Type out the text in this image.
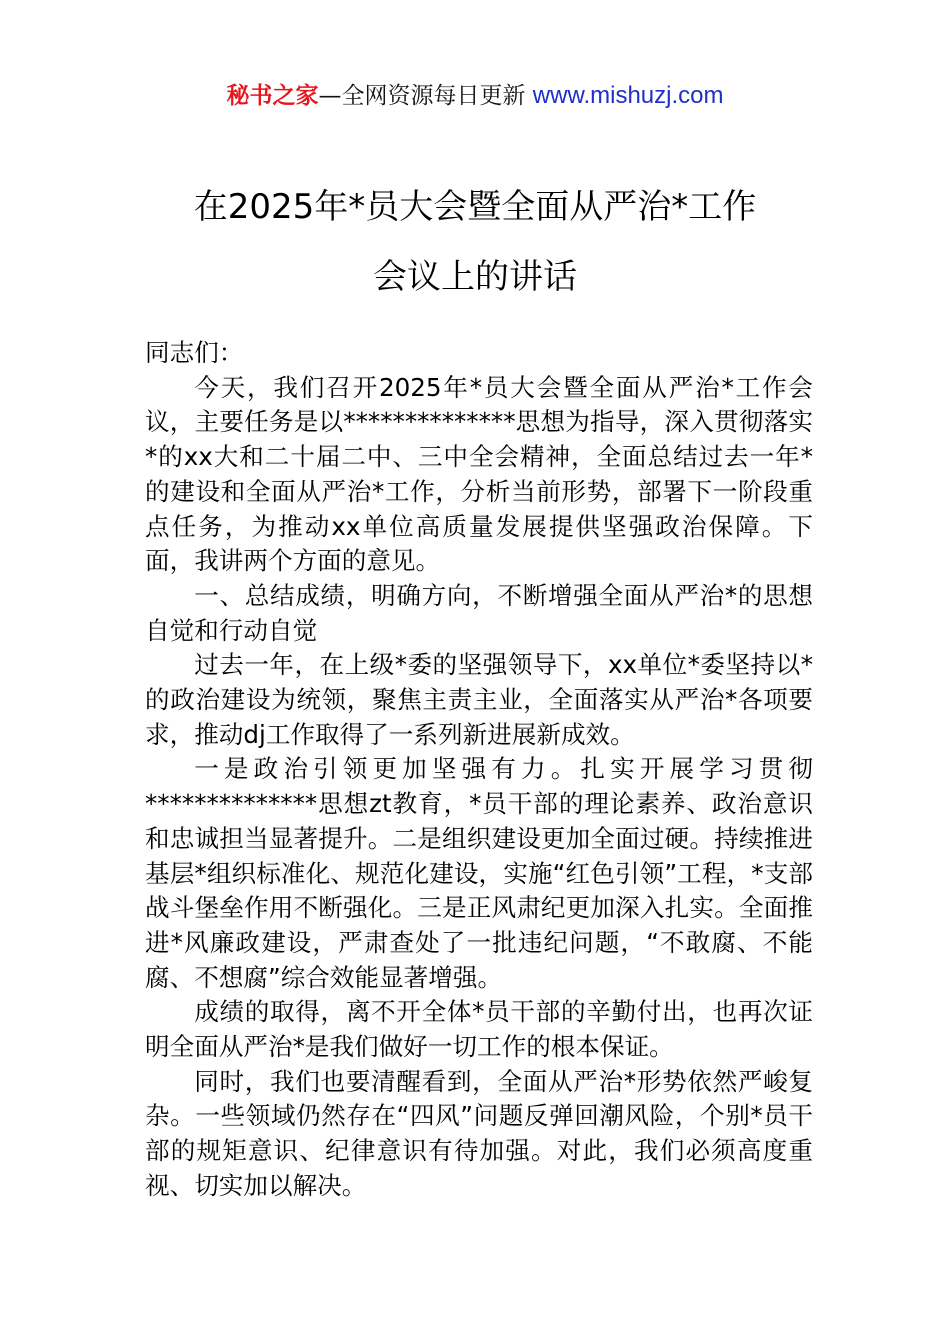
秘书之家—全网资源每日更新 www.mishuzj.com
在2025年*员大会暨全面从严治*工作
会议上的讲话

同志们：

今天，我们召开2025年*员大会暨全面从严治*工作会议，主要任务是以**************思想为指导，深入贯彻落实*的xx大和二十届二中、三中全会精神，全面总结过去一年*的建设和全面从严治*工作，分析当前形势，部署下一阶段重点任务，为推动xx单位高质量发展提供坚强政治保障。下面，我讲两个方面的意见。

一、总结成绩，明确方向，不断增强全面从严治*的思想自觉和行动自觉

过去一年，在上级*委的坚强领导下，xx单位*委坚持以*的政治建设为统领，聚焦主责主业，全面落实从严治*各项要求，推动dj工作取得了一系列新进展新成效。

一是政治引领更加坚强有力。扎实开展学习贯彻**************思想zt教育，*员干部的理论素养、政治意识和忠诚担当显著提升。二是组织建设更加全面过硬。持续推进基层*组织标准化、规范化建设，实施“红色引领”工程，*支部战斗堡垒作用不断强化。三是正风肃纪更加深入扎实。全面推进*风廉政建设，严肃查处了一批违纪问题，“不敢腐、不能腐、不想腐”综合效能显著增强。

成绩的取得，离不开全体*员干部的辛勤付出，也再次证明全面从严治*是我们做好一切工作的根本保证。

同时，我们也要清醒看到，全面从严治*形势依然严峻复杂。一些领域仍然存在“四风”问题反弹回潮风险，个别*员干部的规矩意识、纪律意识有待加强。对此，我们必须高度重视、切实加以解决。
